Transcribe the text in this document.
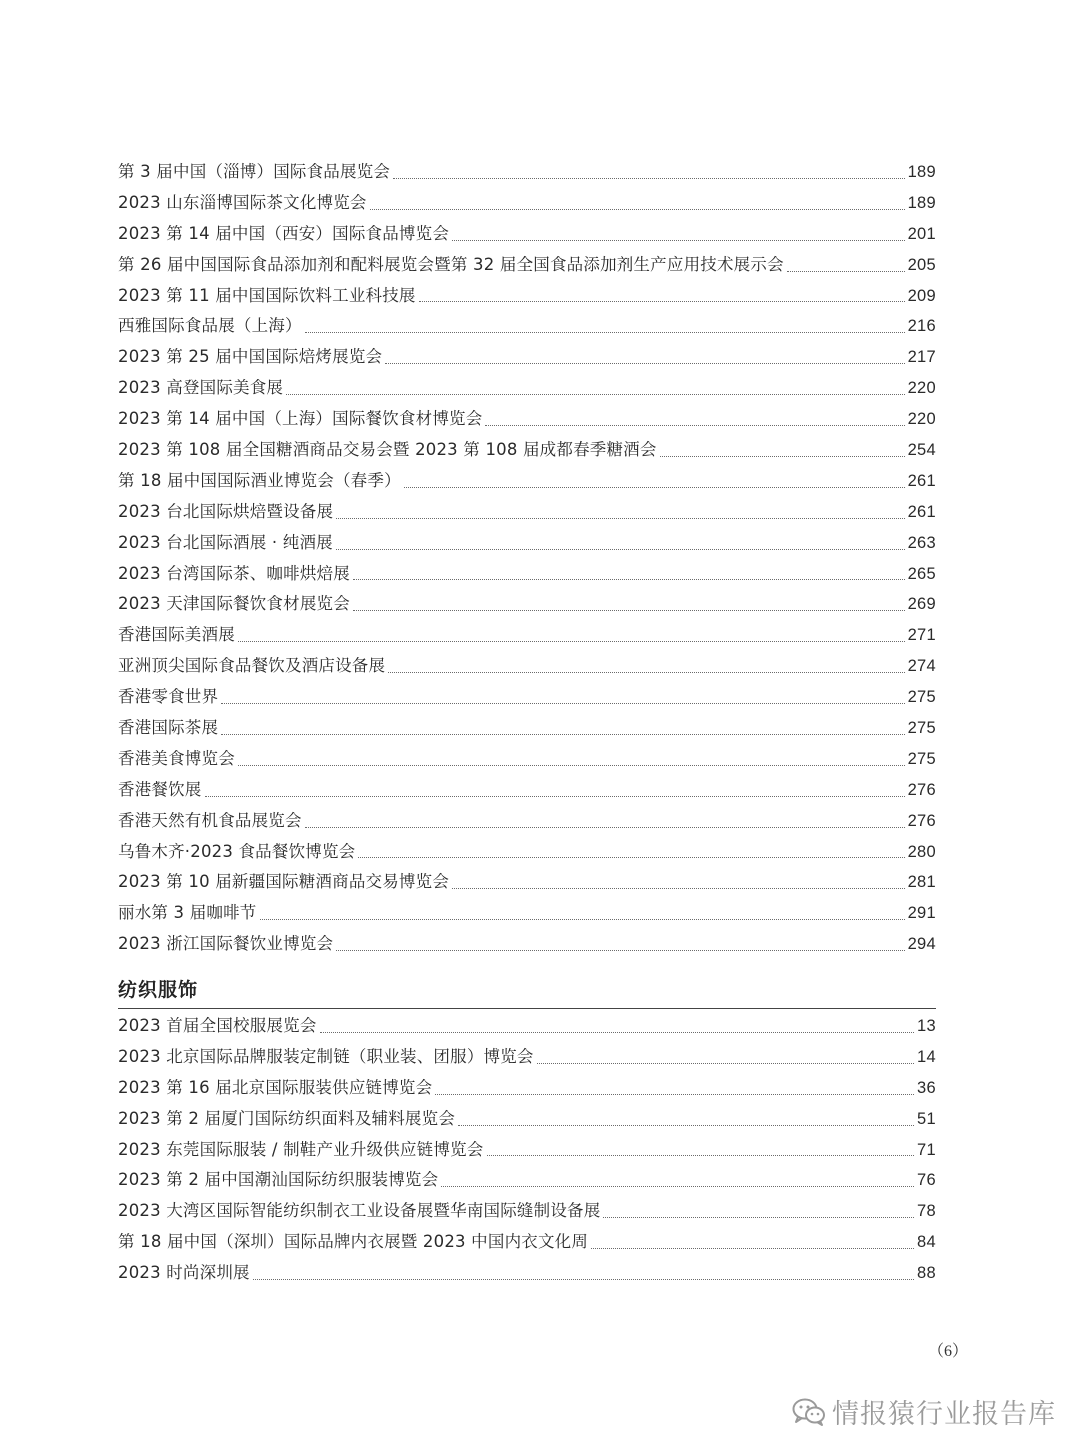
第 3 届中国（淄博）国际食品展览会	189
2023 山东淄博国际茶文化博览会	189
2023 第 14 届中国（西安）国际食品博览会	201
第 26 届中国国际食品添加剂和配料展览会暨第 32 届全国食品添加剂生产应用技术展示会	205
2023 第 11 届中国国际饮料工业科技展	209
西雅国际食品展（上海）	216
2023 第 25 届中国国际焙烤展览会	217
2023 高登国际美食展	220
2023 第 14 届中国（上海）国际餐饮食材博览会	220
2023 第 108 届全国糖酒商品交易会暨 2023 第 108 届成都春季糖酒会	254
第 18 届中国国际酒业博览会（春季）	261
2023 台北国际烘焙暨设备展	261
2023 台北国际酒展 · 纯酒展	263
2023 台湾国际茶、咖啡烘焙展	265
2023 天津国际餐饮食材展览会	269
香港国际美酒展	271
亚洲顶尖国际食品餐饮及酒店设备展	274
香港零食世界	275
香港国际茶展	275
香港美食博览会	275
香港餐饮展	276
香港天然有机食品展览会	276
乌鲁木齐·2023 食品餐饮博览会	280
2023 第 10 届新疆国际糖酒商品交易博览会	281
丽水第 3 届咖啡节	291
2023 浙江国际餐饮业博览会	294
纺织服饰
2023 首届全国校服展览会	13
2023 北京国际品牌服装定制链（职业装、团服）博览会	14
2023 第 16 届北京国际服装供应链博览会	36
2023 第 2 届厦门国际纺织面料及辅料展览会	51
2023 东莞国际服装 / 制鞋产业升级供应链博览会	71
2023 第 2 届中国潮汕国际纺织服装博览会	76
2023 大湾区国际智能纺织制衣工业设备展暨华南国际缝制设备展	78
第 18 届中国（深圳）国际品牌内衣展暨 2023 中国内衣文化周	84
2023 时尚深圳展	88
（6）
情报猿行业报告库
